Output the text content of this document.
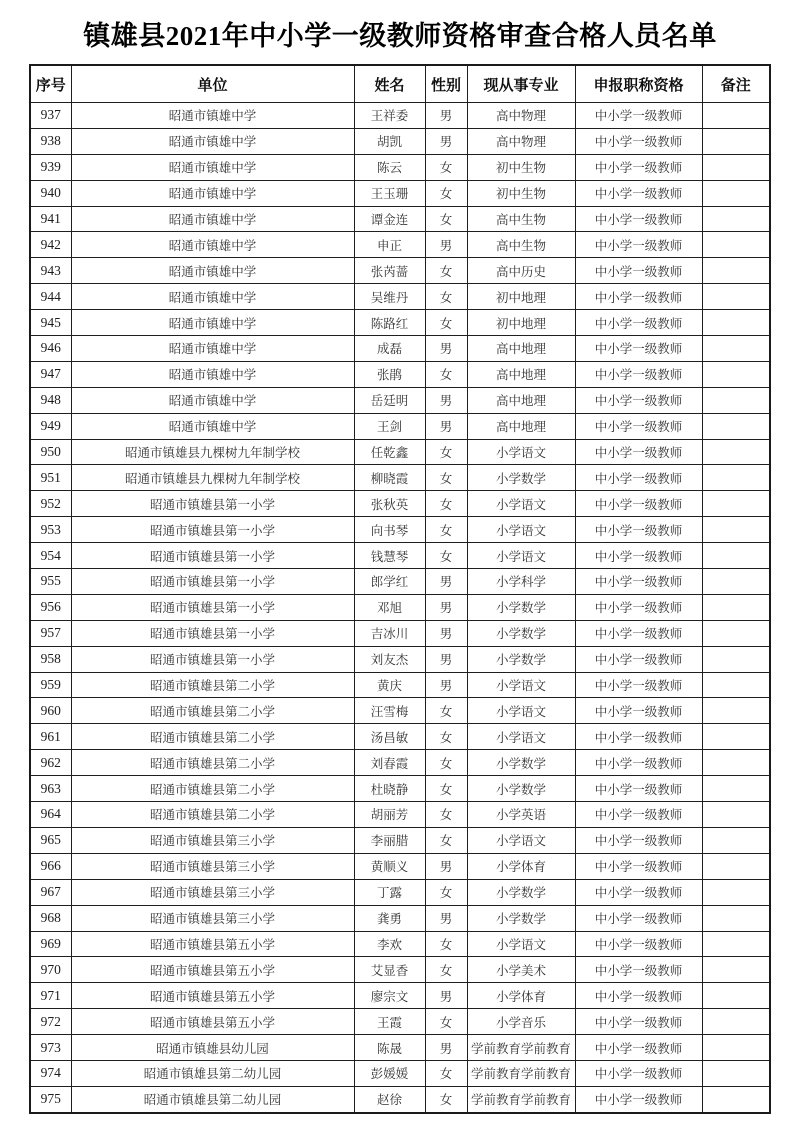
镇雄县2021年中小学一级教师资格审查合格人员名单
序号	单位	姓名	性别	现从事专业	申报职称资格	备注
937	昭通市镇雄中学	王祥委	男	高中物理	中小学一级教师	
938	昭通市镇雄中学	胡凯	男	高中物理	中小学一级教师	
939	昭通市镇雄中学	陈云	女	初中生物	中小学一级教师	
940	昭通市镇雄中学	王玉珊	女	初中生物	中小学一级教师	
941	昭通市镇雄中学	谭金连	女	高中生物	中小学一级教师	
942	昭通市镇雄中学	申正	男	高中生物	中小学一级教师	
943	昭通市镇雄中学	张芮蔷	女	高中历史	中小学一级教师	
944	昭通市镇雄中学	吴维丹	女	初中地理	中小学一级教师	
945	昭通市镇雄中学	陈路红	女	初中地理	中小学一级教师	
946	昭通市镇雄中学	成磊	男	高中地理	中小学一级教师	
947	昭通市镇雄中学	张鹃	女	高中地理	中小学一级教师	
948	昭通市镇雄中学	岳廷明	男	高中地理	中小学一级教师	
949	昭通市镇雄中学	王剑	男	高中地理	中小学一级教师	
950	昭通市镇雄县九棵树九年制学校	任乾鑫	女	小学语文	中小学一级教师	
951	昭通市镇雄县九棵树九年制学校	柳晓霞	女	小学数学	中小学一级教师	
952	昭通市镇雄县第一小学	张秋英	女	小学语文	中小学一级教师	
953	昭通市镇雄县第一小学	向书琴	女	小学语文	中小学一级教师	
954	昭通市镇雄县第一小学	钱慧琴	女	小学语文	中小学一级教师	
955	昭通市镇雄县第一小学	郎学红	男	小学科学	中小学一级教师	
956	昭通市镇雄县第一小学	邓旭	男	小学数学	中小学一级教师	
957	昭通市镇雄县第一小学	吉冰川	男	小学数学	中小学一级教师	
958	昭通市镇雄县第一小学	刘友杰	男	小学数学	中小学一级教师	
959	昭通市镇雄县第二小学	黄庆	男	小学语文	中小学一级教师	
960	昭通市镇雄县第二小学	汪雪梅	女	小学语文	中小学一级教师	
961	昭通市镇雄县第二小学	汤昌敏	女	小学语文	中小学一级教师	
962	昭通市镇雄县第二小学	刘春霞	女	小学数学	中小学一级教师	
963	昭通市镇雄县第二小学	杜晓静	女	小学数学	中小学一级教师	
964	昭通市镇雄县第二小学	胡丽芳	女	小学英语	中小学一级教师	
965	昭通市镇雄县第三小学	李丽腊	女	小学语文	中小学一级教师	
966	昭通市镇雄县第三小学	黄顺义	男	小学体育	中小学一级教师	
967	昭通市镇雄县第三小学	丁露	女	小学数学	中小学一级教师	
968	昭通市镇雄县第三小学	龚勇	男	小学数学	中小学一级教师	
969	昭通市镇雄县第五小学	李欢	女	小学语文	中小学一级教师	
970	昭通市镇雄县第五小学	艾显香	女	小学美术	中小学一级教师	
971	昭通市镇雄县第五小学	廖宗文	男	小学体育	中小学一级教师	
972	昭通市镇雄县第五小学	王霞	女	小学音乐	中小学一级教师	
973	昭通市镇雄县幼儿园	陈晟	男	学前教育学前教育	中小学一级教师	
974	昭通市镇雄县第二幼儿园	彭媛媛	女	学前教育学前教育	中小学一级教师	
975	昭通市镇雄县第二幼儿园	赵徐	女	学前教育学前教育	中小学一级教师	
